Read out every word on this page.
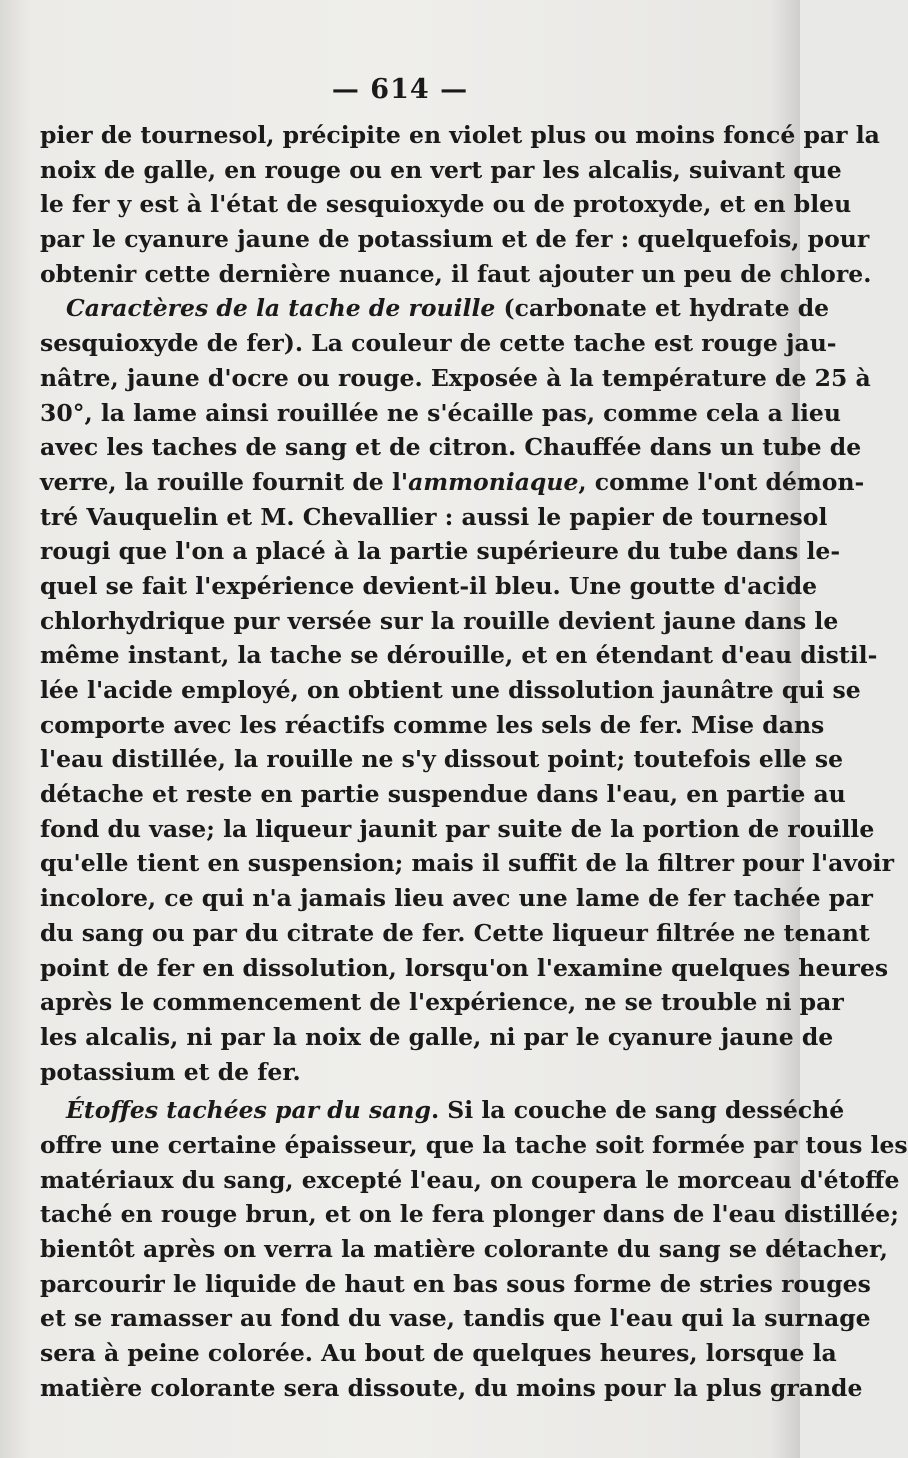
— 614 —
pier de tournesol, précipite en violet plus ou moins foncé par la
noix de galle, en rouge ou en vert par les alcalis, suivant que
le fer y est à l'état de sesquioxyde ou de protoxyde, et en bleu
par le cyanure jaune de potassium et de fer : quelquefois, pour
obtenir cette dernière nuance, il faut ajouter un peu de chlore.
Caractères de la tache de rouille (carbonate et hydrate de
sesquioxyde de fer). La couleur de cette tache est rouge jau-
nâtre, jaune d'ocre ou rouge. Exposée à la température de 25 à
30°, la lame ainsi rouillée ne s'écaille pas, comme cela a lieu
avec les taches de sang et de citron. Chauffée dans un tube de
verre, la rouille fournit de l'ammoniaque, comme l'ont démon-
tré Vauquelin et M. Chevallier : aussi le papier de tournesol
rougi que l'on a placé à la partie supérieure du tube dans le-
quel se fait l'expérience devient-il bleu. Une goutte d'acide
chlorhydrique pur versée sur la rouille devient jaune dans le
même instant, la tache se dérouille, et en étendant d'eau distil-
lée l'acide employé, on obtient une dissolution jaunâtre qui se
comporte avec les réactifs comme les sels de fer. Mise dans
l'eau distillée, la rouille ne s'y dissout point; toutefois elle se
détache et reste en partie suspendue dans l'eau, en partie au
fond du vase; la liqueur jaunit par suite de la portion de rouille
qu'elle tient en suspension; mais il suffit de la filtrer pour l'avoir
incolore, ce qui n'a jamais lieu avec une lame de fer tachée par
du sang ou par du citrate de fer. Cette liqueur filtrée ne tenant
point de fer en dissolution, lorsqu'on l'examine quelques heures
après le commencement de l'expérience, ne se trouble ni par
les alcalis, ni par la noix de galle, ni par le cyanure jaune de
potassium et de fer.
Étoffes tachées par du sang. Si la couche de sang desséché
offre une certaine épaisseur, que la tache soit formée par tous les
matériaux du sang, excepté l'eau, on coupera le morceau d'étoffe
taché en rouge brun, et on le fera plonger dans de l'eau distillée;
bientôt après on verra la matière colorante du sang se détacher,
parcourir le liquide de haut en bas sous forme de stries rouges
et se ramasser au fond du vase, tandis que l'eau qui la surnage
sera à peine colorée. Au bout de quelques heures, lorsque la
matière colorante sera dissoute, du moins pour la plus grande
